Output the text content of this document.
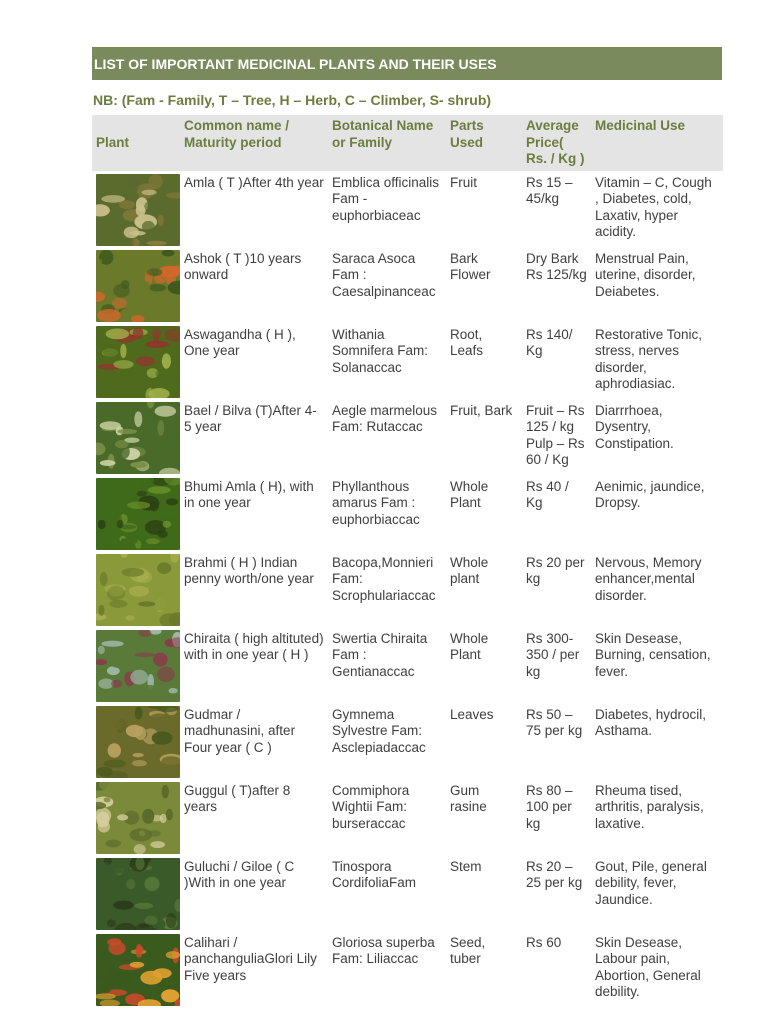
LIST OF IMPORTANT MEDICINAL PLANTS AND THEIR USES
NB: (Fam - Family, T – Tree, H – Herb, C – Climber, S- shrub)
Plant	Common name / Maturity period	Botanical Name or Family	Parts Used	Average Price( Rs. / Kg )	Medicinal Use

	Amla ( T )After 4th year	Emblica officinalis Fam - euphorbiaceac	Fruit	Rs 15 – 45/kg	Vitamin – C, Cough , Diabetes, cold, Laxativ, hyper acidity.

	Ashok ( T )10 years onward	Saraca Asoca Fam : Caesalpinanceac	Bark Flower	Dry Bark Rs 125/kg	Menstrual Pain, uterine, disorder, Deiabetes.

	Aswagandha ( H ), One year	Withania Somnifera Fam: Solanaccac	Root, Leafs	Rs 140/ Kg	Restorative Tonic, stress, nerves disorder, aphrodiasiac.

	Bael / Bilva (T)After 4-5 year	Aegle marmelous Fam: Rutaccac	Fruit, Bark	Fruit – Rs 125 / kg Pulp – Rs 60 / Kg	Diarrrhoea, Dysentry, Constipation.

	Bhumi Amla ( H), with in one year	Phyllanthous amarus Fam : euphorbiaccac	Whole Plant	Rs 40 / Kg	Aenimic, jaundice, Dropsy.

	Brahmi ( H ) Indian penny worth/one year	Bacopa,Monnieri Fam: Scrophulariaccac	Whole plant	Rs 20 per kg	Nervous, Memory enhancer,mental disorder.

	Chiraita ( high altituted) with in one year ( H )	Swertia Chiraita Fam : Gentianaccac	Whole Plant	Rs 300-350 / per kg	Skin Desease, Burning, censation, fever.

	Gudmar / madhunasini, after Four year ( C )	Gymnema Sylvestre Fam: Asclepiadaccac	Leaves	Rs 50 – 75 per kg	Diabetes, hydrocil, Asthama.

	Guggul ( T)after 8 years	Commiphora Wightii Fam: burseraccac	Gum rasine	Rs 80 – 100 per kg	Rheuma tised, arthritis, paralysis, laxative.

	Guluchi / Giloe ( C )With in one year	Tinospora CordifoliaFam	Stem	Rs 20 – 25 per kg	Gout, Pile, general debility, fever, Jaundice.

	Calihari / panchanguliaGlori Lily Five years	Gloriosa superba Fam: Liliaccac	Seed, tuber	Rs 60	Skin Desease, Labour pain, Abortion, General debility.
